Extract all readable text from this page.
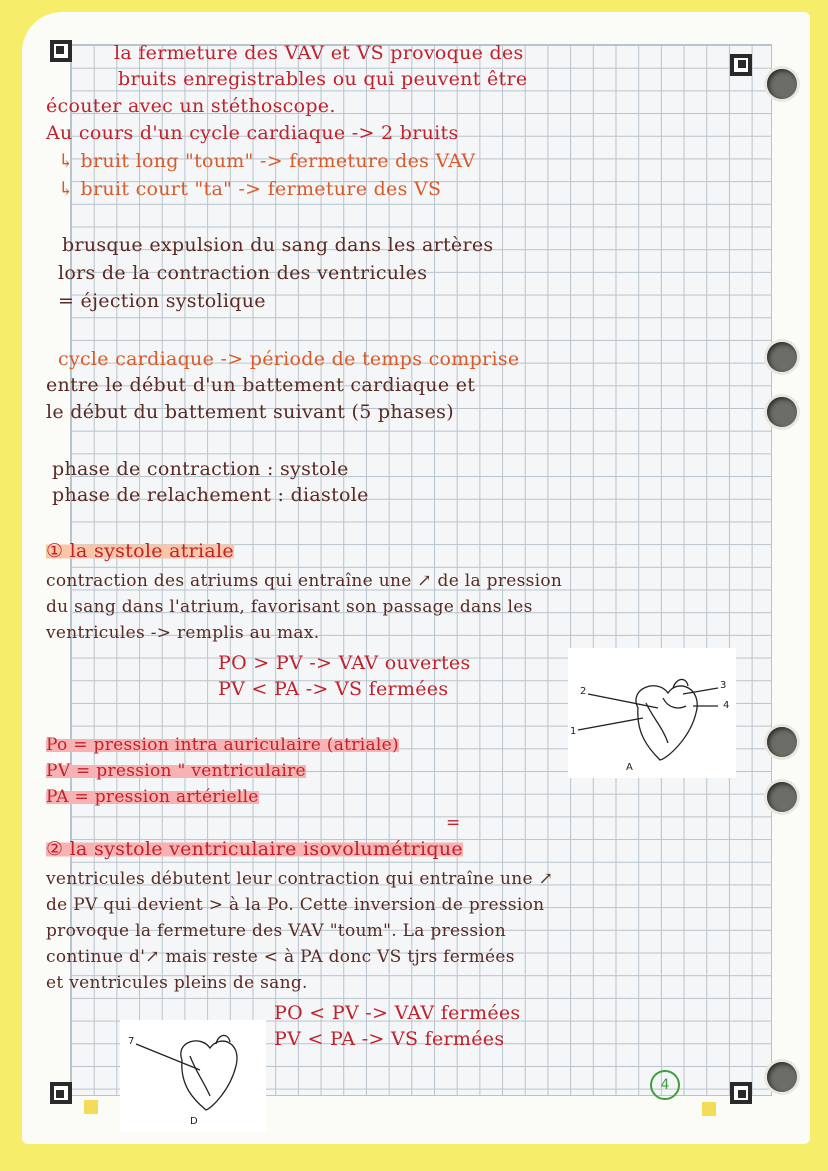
la fermeture des VAV et VS provoque des
bruits enregistrables ou qui peuvent être
écouter avec un stéthoscope.
Au cours d'un cycle cardiaque -> 2 bruits
↳ bruit long "toum" -> fermeture des VAV
↳ bruit court "ta" -> fermeture des VS
brusque expulsion du sang dans les artères
lors de la contraction des ventricules
= éjection systolique
cycle cardiaque -> période de temps comprise
entre le début d'un battement cardiaque et
le début du battement suivant (5 phases)
phase de contraction : systole
phase de relachement : diastole
① la systole atriale
contraction des atriums qui entraîne une ↗ de la pression
du sang dans l'atrium, favorisant son passage dans les
ventricules -> remplis au max.
PO > PV -> VAV ouvertes
PV < PA -> VS fermées
1
2
3
4
A
Po = pression intra auriculaire (atriale)
PV = pression " ventriculaire
PA = pression artérielle
=
② la systole ventriculaire isovolumétrique
ventricules débutent leur contraction qui entraîne une ↗
de PV qui devient > à la Po. Cette inversion de pression
provoque la fermeture des VAV "toum". La pression
continue d'↗ mais reste < à PA donc VS tjrs fermées
et ventricules pleins de sang.
PO < PV -> VAV fermées
PV < PA -> VS fermées
7
D
4
